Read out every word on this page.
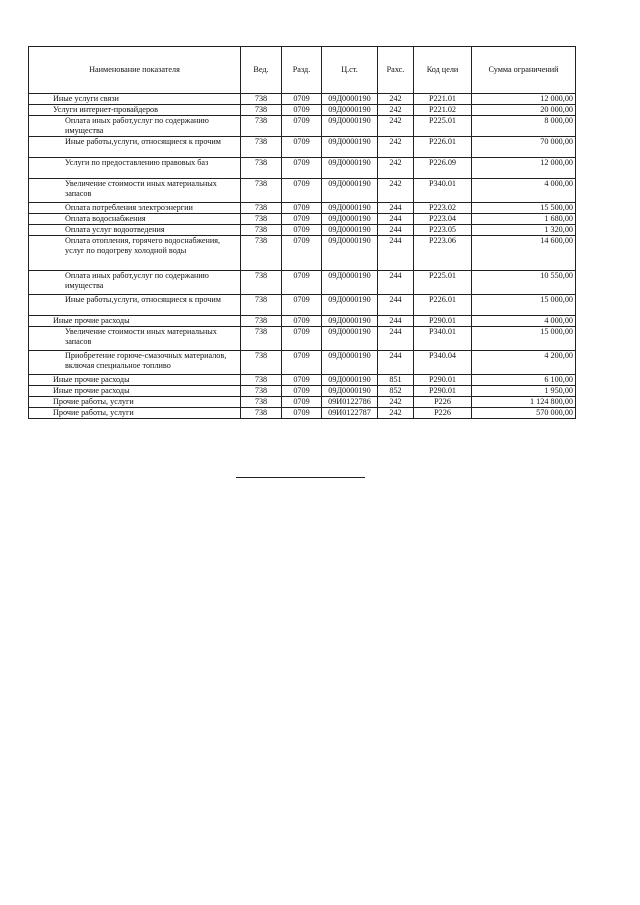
Наименование показателя	Вед.	Разд.	Ц.ст.	Рахс.	Код цели	Сумма ограничений
Иные услуги связи	738	0709	09Д0000190	242	Р221.01	12 000,00
Услуги интернет-провайдеров	738	0709	09Д0000190	242	Р221.02	20 000,00
Оплата иных работ,услуг по содержанию имущества	738	0709	09Д0000190	242	Р225.01	8 000,00
Иные работы,услуги, относящиеся к прочим	738	0709	09Д0000190	242	Р226.01	70 000,00
Услуги по предоставлению правовых баз	738	0709	09Д0000190	242	Р226.09	12 000,00
Увеличение стоимости иных материальных запасов	738	0709	09Д0000190	242	Р340.01	4 000,00
Оплата потребления электроэнергии	738	0709	09Д0000190	244	Р223.02	15 500,00
Оплата водоснабжения	738	0709	09Д0000190	244	Р223.04	1 680,00
Оплата услуг водоотведения	738	0709	09Д0000190	244	Р223.05	1 320,00
Оплата отопления, горячего водоснабжения, услуг по подогреву холодной воды	738	0709	09Д0000190	244	Р223.06	14 600,00
Оплата иных работ,услуг по содержанию имущества	738	0709	09Д0000190	244	Р225.01	10 550,00
Иные работы,услуги, относящиеся к прочим	738	0709	09Д0000190	244	Р226.01	15 000,00
Иные прочие расходы	738	0709	09Д0000190	244	Р290.01	4 000,00
Увеличение стоимости иных материальных запасов	738	0709	09Д0000190	244	Р340.01	15 000,00
Приобретение горюче-смазочных материалов, включая специальное топливо	738	0709	09Д0000190	244	Р340.04	4 200,00
Иные прочие расходы	738	0709	09Д0000190	851	Р290.01	6 100,00
Иные прочие расходы	738	0709	09Д0000190	852	Р290.01	1 950,00
Прочие работы, услуги	738	0709	09И0122786	242	Р226	1 124 800,00
Прочие работы, услуги	738	0709	09И0122787	242	Р226	570 000,00
